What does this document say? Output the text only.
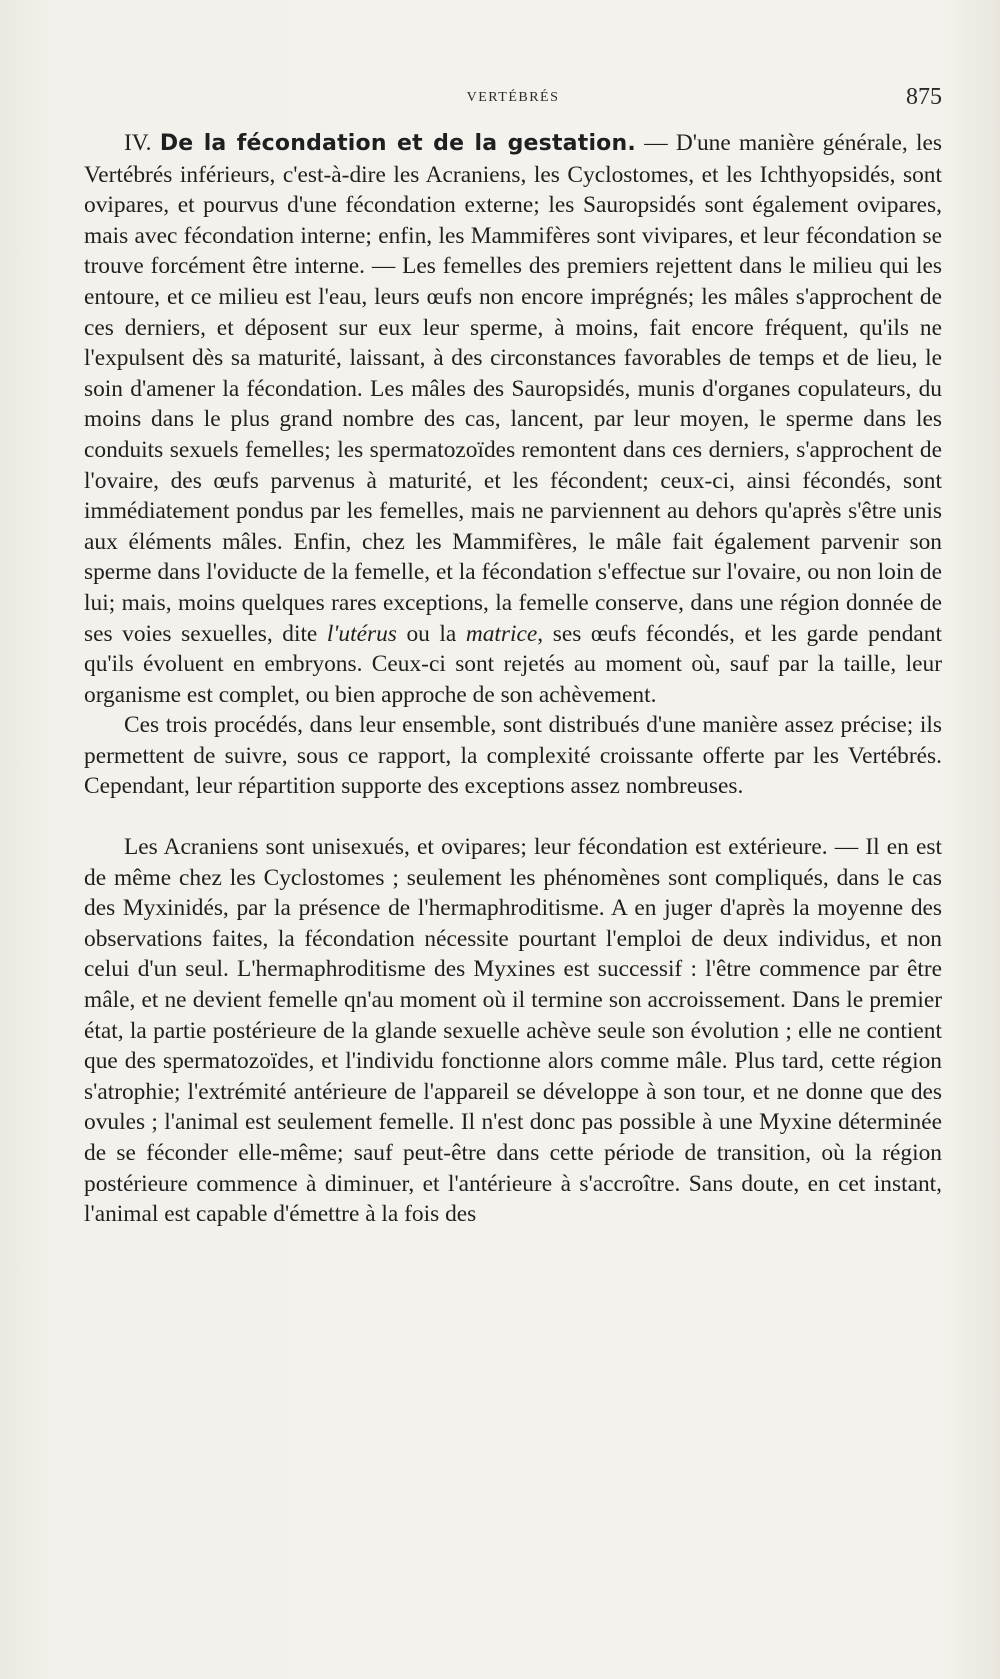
VERTÉBRÉS	875

IV. De la fécondation et de la gestation. — D'une manière générale, les Vertébrés inférieurs, c'est-à-dire les Acraniens, les Cyclostomes, et les Ichthyopsidés, sont ovipares, et pourvus d'une fécondation externe; les Sauropsidés sont également ovipares, mais avec fécondation interne; enfin, les Mammifères sont vivipares, et leur fécondation se trouve forcément être interne. — Les femelles des premiers rejettent dans le milieu qui les entoure, et ce milieu est l'eau, leurs œufs non encore imprégnés; les mâles s'approchent de ces derniers, et déposent sur eux leur sperme, à moins, fait encore fréquent, qu'ils ne l'expulsent dès sa maturité, laissant, à des circonstances favorables de temps et de lieu, le soin d'amener la fécondation. Les mâles des Sauropsidés, munis d'organes copulateurs, du moins dans le plus grand nombre des cas, lancent, par leur moyen, le sperme dans les conduits sexuels femelles; les spermatozoïdes remontent dans ces derniers, s'approchent de l'ovaire, des œufs parvenus à maturité, et les fécondent; ceux-ci, ainsi fécondés, sont immédiatement pondus par les femelles, mais ne parviennent au dehors qu'après s'être unis aux éléments mâles. Enfin, chez les Mammifères, le mâle fait également parvenir son sperme dans l'oviducte de la femelle, et la fécondation s'effectue sur l'ovaire, ou non loin de lui; mais, moins quelques rares exceptions, la femelle conserve, dans une région donnée de ses voies sexuelles, dite l'utérus ou la matrice, ses œufs fécondés, et les garde pendant qu'ils évoluent en embryons. Ceux-ci sont rejetés au moment où, sauf par la taille, leur organisme est complet, ou bien approche de son achèvement.

Ces trois procédés, dans leur ensemble, sont distribués d'une manière assez précise; ils permettent de suivre, sous ce rapport, la complexité croissante offerte par les Vertébrés. Cependant, leur répartition supporte des exceptions assez nombreuses.

Les Acraniens sont unisexués, et ovipares; leur fécondation est extérieure. — Il en est de même chez les Cyclostomes ; seulement les phénomènes sont compliqués, dans le cas des Myxinidés, par la présence de l'hermaphroditisme. A en juger d'après la moyenne des observations faites, la fécondation nécessite pourtant l'emploi de deux individus, et non celui d'un seul. L'hermaphroditisme des Myxines est successif : l'être commence par être mâle, et ne devient femelle qn'au moment où il termine son accroissement. Dans le premier état, la partie postérieure de la glande sexuelle achève seule son évolution ; elle ne contient que des spermatozoïdes, et l'individu fonctionne alors comme mâle. Plus tard, cette région s'atrophie; l'extrémité antérieure de l'appareil se développe à son tour, et ne donne que des ovules ; l'animal est seulement femelle. Il n'est donc pas possible à une Myxine déterminée de se féconder elle-même; sauf peut-être dans cette période de transition, où la région postérieure commence à diminuer, et l'antérieure à s'accroître. Sans doute, en cet instant, l'animal est capable d'émettre à la fois des
